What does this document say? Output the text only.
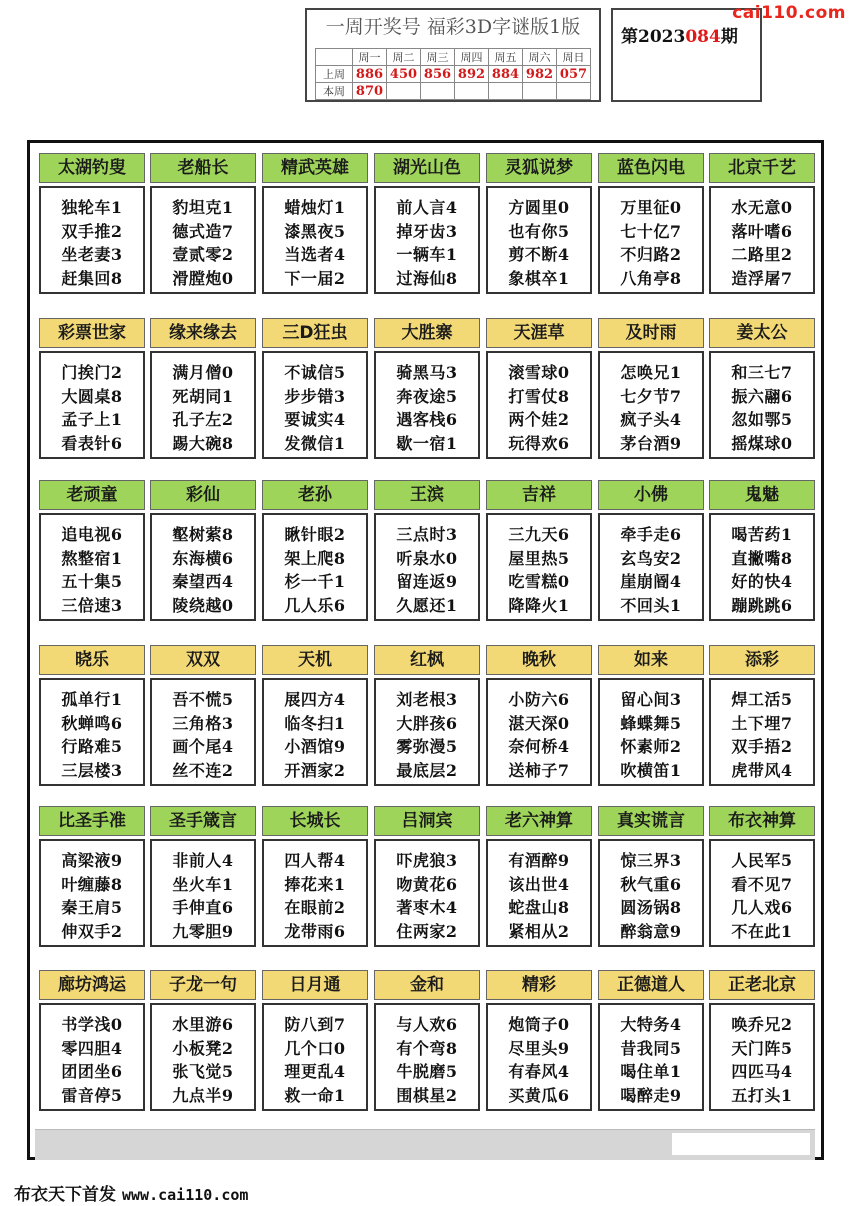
一周开奖号 福彩3D字谜版1版
	周一	周二	周三	周四	周五	周六	周日
上周	886	450	856	892	884	982	057
本周	870						
第2023084期
cai110.com
太湖钓叟
独轮车1
双手推2
坐老妻3
赶集回8
老船长
豹坦克1
德式造7
壹贰零2
滑膛炮0
精武英雄
蜡烛灯1
漆黑夜5
当选者4
下一届2
湖光山色
前人言4
掉牙齿3
一辆车1
过海仙8
灵狐说梦
方圆里0
也有你5
剪不断4
象棋卒1
蓝色闪电
万里征0
七十亿7
不归路2
八角亭8
北京千艺
水无意0
落叶嗜6
二路里2
造浮屠7
彩票世家
门挨门2
大圆桌8
孟子上1
看表针6
缘来缘去
满月僧0
死胡同1
孔子左2
踢大碗8
三D狂虫
不诚信5
步步错3
要诚实4
发微信1
大胜寨
骑黑马3
奔夜途5
遇客栈6
歇一宿1
天涯草
滚雪球0
打雪仗8
两个娃2
玩得欢6
及时雨
怎唤兄1
七夕节7
疯子头4
茅台酒9
姜太公
和三七7
振六翮6
忽如鄂5
摇煤球0
老顽童
追电视6
熬整宿1
五十集5
三倍速3
彩仙
壑树萦8
东海横6
秦望西4
陵绕越0
老孙
瞅针眼2
架上爬8
杉一千1
几人乐6
王滨
三点时3
听泉水0
留连返9
久愿还1
吉祥
三九天6
屋里热5
吃雪糕0
降降火1
小佛
牵手走6
玄鸟安2
崖崩阍4
不回头1
鬼魅
喝苦药1
直撇嘴8
好的快4
蹦跳跳6
晓乐
孤单行1
秋蝉鸣6
行路难5
三层楼3
双双
吾不慌5
三角格3
画个尾4
丝不连2
天机
展四方4
临冬扫1
小酒馆9
开酒家2
红枫
刘老根3
大胖孩6
雾弥漫5
最底层2
晚秋
小防六6
湛天深0
奈何桥4
送柿子7
如来
留心间3
蜂蝶舞5
怀素师2
吹横笛1
添彩
焊工活5
土下埋7
双手捂2
虎带风4
比圣手准
高梁液9
叶缠藤8
秦王肩5
伸双手2
圣手箴言
非前人4
坐火车1
手伸直6
九零胆9
长城长
四人帮4
捧花来1
在眼前2
龙带雨6
吕洞宾
吓虎狼3
吻黄花6
著枣木4
住两家2
老六神算
有酒醉9
该出世4
蛇盘山8
紧相从2
真实谎言
惊三界3
秋气重6
圆汤锅8
醉翁意9
布衣神算
人民军5
看不见7
几人戏6
不在此1
廊坊鸿运
书学浅0
零四胆4
团团坐6
雷音停5
子龙一句
水里游6
小板凳2
张飞觉5
九点半9
日月通
防八到7
几个口0
理更乱4
救一命1
金和
与人欢6
有个弯8
牛脱磨5
围棋星2
精彩
炮筒子0
尽里头9
有春风4
买黄瓜6
正德道人
大特务4
昔我同5
喝住单1
喝醉走9
正老北京
唤乔兄2
天门阵5
四匹马4
五打头1
布衣天下首发 www.cai110.com
